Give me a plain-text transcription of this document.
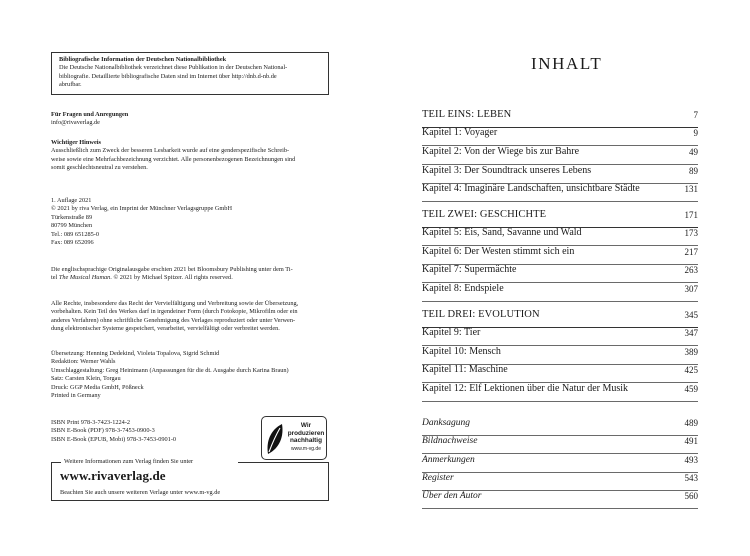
Bibliografische Information der Deutschen Nationalbibliothek
Die Deutsche Nationalbibliothek verzeichnet diese Publikation in der Deutschen National-
bibliografie. Detaillierte bibliografische Daten sind im Internet über http://dnb.d-nb.de
abrufbar.
Für Fragen und Anregungen
info@rivaverlag.de
Wichtiger Hinweis
Ausschließlich zum Zweck der besseren Lesbarkeit wurde auf eine genderspezifische Schreib-
weise sowie eine Mehrfachbezeichnung verzichtet. Alle personenbezogenen Bezeichnungen sind
somit geschlechtsneutral zu verstehen.
1. Auflage 2021
© 2021 by riva Verlag, ein Imprint der Münchner Verlagsgruppe GmbH
Türkenstraße 89
80799 München
Tel.: 089 651285-0
Fax: 089 652096
Die englischsprachige Originalausgabe erschien 2021 bei Bloomsbury Publishing unter dem Ti-
tel The Musical Human. © 2021 by Michael Spitzer. All rights reserved.
Alle Rechte, insbesondere das Recht der Vervielfältigung und Verbreitung sowie der Übersetzung,
vorbehalten. Kein Teil des Werkes darf in irgendeiner Form (durch Fotokopie, Mikrofilm oder ein
anderes Verfahren) ohne schriftliche Genehmigung des Verlages reproduziert oder unter Verwen-
dung elektronischer Systeme gespeichert, verarbeitet, vervielfältigt oder verbreitet werden.
Übersetzung: Henning Dedekind, Violeta Topalova, Sigrid Schmid
Redaktion: Werner Wahls
Umschlaggestaltung: Greg Heinimann (Anpassungen für die dt. Ausgabe durch Karina Braun)
Satz: Carsten Klein, Torgau
Druck: GGP Media GmbH, Pößneck
Printed in Germany
ISBN Print 978-3-7423-1224-2
ISBN E-Book (PDF) 978-3-7453-0900-3
ISBN E-Book (EPUB, Mobi) 978-3-7453-0901-0
Wir produzieren
nachhaltig
www.m-vg.de
Weitere Informationen zum Verlag finden Sie unter
www.rivaverlag.de
Beachten Sie auch unsere weiteren Verlage unter www.m-vg.de
INHALT
TEIL EINS: LEBEN	7
Kapitel 1: Voyager	9
Kapitel 2: Von der Wiege bis zur Bahre	49
Kapitel 3: Der Soundtrack unseres Lebens	89
Kapitel 4: Imaginäre Landschaften, unsichtbare Städte	131
TEIL ZWEI: GESCHICHTE	171
Kapitel 5: Eis, Sand, Savanne und Wald	173
Kapitel 6: Der Westen stimmt sich ein	217
Kapitel 7: Supermächte	263
Kapitel 8: Endspiele	307
TEIL DREI: EVOLUTION	345
Kapitel 9: Tier	347
Kapitel 10: Mensch	389
Kapitel 11: Maschine	425
Kapitel 12: Elf Lektionen über die Natur der Musik	459
Danksagung	489
Bildnachweise	491
Anmerkungen	493
Register	543
Über den Autor	560
